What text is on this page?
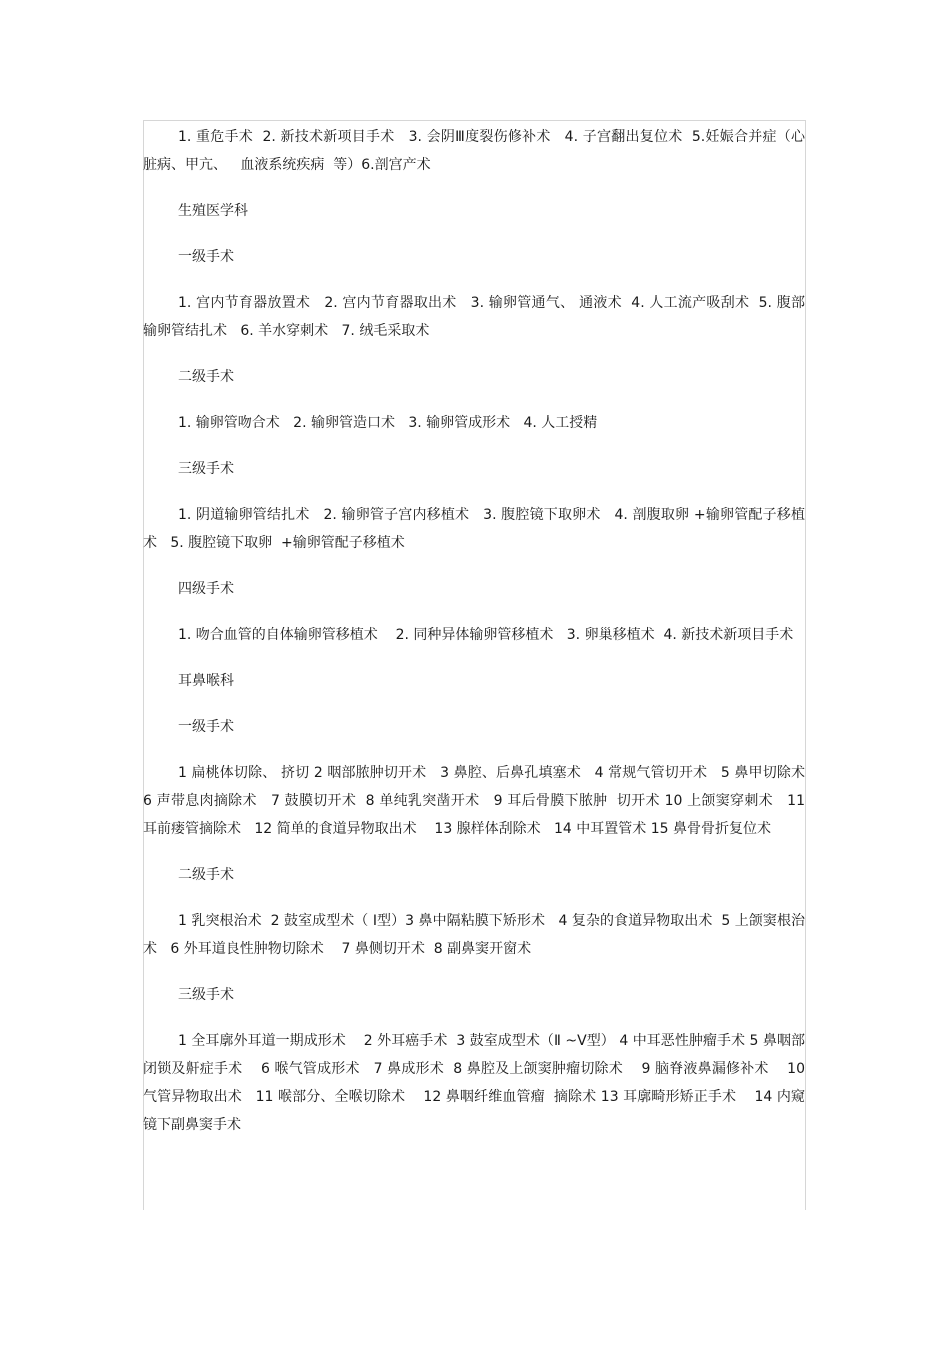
1. 重危手术  2. 新技术新项目手术   3. 会阴Ⅲ度裂伤修补术   4. 子宫翻出复位术  5.妊娠合并症（心脏病、甲亢、   血液系统疾病  等）6.剖宫产术

生殖医学科

一级手术

1. 宫内节育器放置术   2. 宫内节育器取出术   3. 输卵管通气、 通液术  4. 人工流产吸刮术  5. 腹部 输卵管结扎术   6. 羊水穿刺术   7. 绒毛采取术

二级手术

1. 输卵管吻合术   2. 输卵管造口术   3. 输卵管成形术   4. 人工授精

三级手术

1. 阴道输卵管结扎术   2. 输卵管子宫内移植术   3. 腹腔镜下取卵术   4. 剖腹取卵 +输卵管配子移植术   5. 腹腔镜下取卵  +输卵管配子移植术

四级手术

1. 吻合血管的自体输卵管移植术    2. 同种异体输卵管移植术   3. 卵巢移植术  4. 新技术新项目手术

耳鼻喉科

一级手术

1 扁桃体切除、 挤切 2 咽部脓肿切开术   3 鼻腔、后鼻孔填塞术   4 常规气管切开术   5 鼻甲切除术  6 声带息肉摘除术   7 鼓膜切开术  8 单纯乳突凿开术   9 耳后骨膜下脓肿  切开术 10 上颌窦穿刺术   11 耳前瘘管摘除术   12 简单的食道异物取出术    13 腺样体刮除术   14 中耳置管术 15 鼻骨骨折复位术

二级手术

1 乳突根治术  2 鼓室成型术（ Ⅰ型）3 鼻中隔粘膜下矫形术   4 复杂的食道异物取出术  5 上颌窦根治术   6 外耳道良性肿物切除术    7 鼻侧切开术  8 副鼻窦开窗术

三级手术

1 全耳廓外耳道一期成形术    2 外耳癌手术  3 鼓室成型术（Ⅱ ~Ⅴ型） 4 中耳恶性肿瘤手术 5 鼻咽部闭锁及鼾症手术    6 喉气管成形术   7 鼻成形术  8 鼻腔及上颌窦肿瘤切除术    9 脑脊液鼻漏修补术    10 气管异物取出术   11 喉部分、全喉切除术    12 鼻咽纤维血管瘤  摘除术 13 耳廓畸形矫正手术    14 内窥镜下副鼻窦手术
